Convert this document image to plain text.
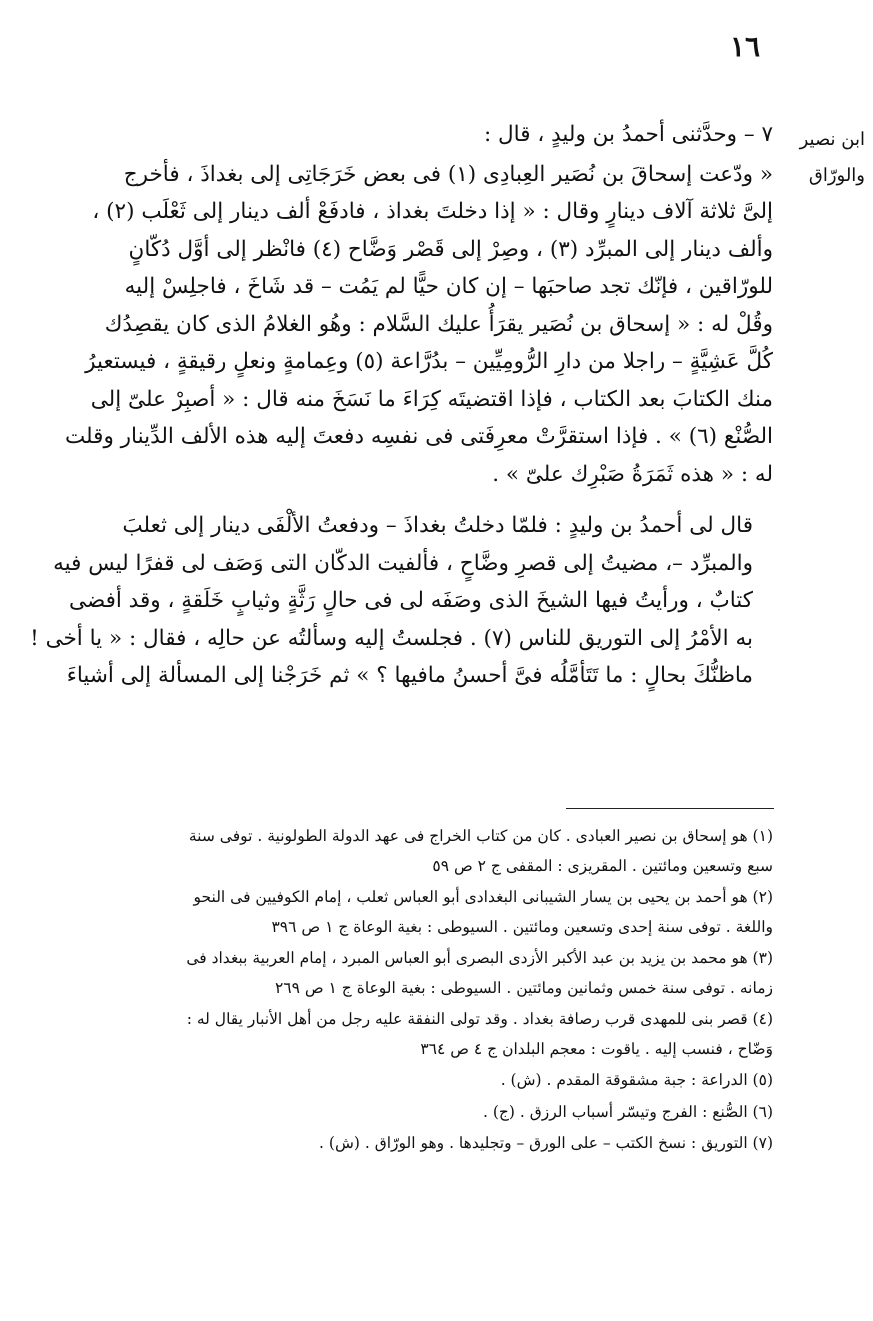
١٦
ابن نصير
والورّاق

٧ – وحدَّثنى أحمدُ بن وليدٍ ، قال :

« ودّعت إسحاقَ بن نُصَير العِبادِى (١) فى بعض خَرَجَاتِى إلى بغداذَ ، فأخرج
إلىَّ ثلاثة آلاف دينارٍ وقال : « إذا دخلتَ بغداذ ، فادفَعْ ألف دينار إلى ثَعْلَب (٢) ،
وألف دينار إلى المبرِّد (٣) ، وصِرْ إلى قَصْر وَضَّاح (٤) فانْظر إلى أوَّل دُكّانٍ
للورّاقين ، فإنّك تجد صاحبَها – إن كان حيًّا لم يَمُت – قد شَاخَ ، فاجلِسْ إليه
وقُلْ له : « إسحاق بن نُصَير يقرَأُ عليك السَّلام : وهُو الغلامُ الذى كان يقصِدُك
كُلَّ عَشِيَّةٍ – راجلا من دارِ الرُّومِيِّين – بدُرَّاعة (٥) وعِمامةٍ ونعلٍ رقيقةٍ ، فيستعيرُ
منك الكتابَ بعد الكتاب ، فإذا اقتضيتَه كِرَاءَ ما نَسَخَ منه قال : « أصبِرْ علىّ إلى
الصُّنْع (٦) » . فإذا استقرَّتْ معرِفَتى فى نفسِه دفعتَ إليه هذه الألف الدِّينار وقلت
له : « هذه ثَمَرَةُ صَبْرِك علىّ » .

قال لى أحمدُ بن وليدٍ : فلمّا دخلتُ بغداذَ – ودفعتُ الألْفَى دينار إلى ثعلبَ
والمبرِّد –، مضيتُ إلى قصرِ وضَّاحٍ ، فألفيت الدكّان التى وَصَف لى قفرًا ليس فيه
كتابٌ ، ورأيتُ فيها الشيخَ الذى وصَفَه لى فى حالٍ رَثَّةٍ وثيابٍ خَلَقةٍ ، وقد أفضى
به الأمْرُ إلى التوريق للناس (٧) . فجلستُ إليه وسألتُه عن حالِه ، فقال : « يا أخى !
ماظنُّكَ بحالٍ : ما تَتَأمَّلُه فىَّ أحسنُ مافيها ؟ » ثم خَرَجْنا إلى المسألة إلى أشياءَ

(١) هو إسحاق بن نصير العبادى . كان من كتاب الخراج فى عهد الدولة الطولونية . توفى سنة
سبع وتسعين ومائتين . المقريزى : المقفى ج ٢ ص ٥٩
(٢) هو أحمد بن يحيى بن يسار الشيبانى البغدادى أبو العباس ثعلب ، إمام الكوفيين فى النحو
واللغة . توفى سنة إحدى وتسعين ومائتين . السيوطى : بغية الوعاة ج ١ ص ٣٩٦
(٣) هو محمد بن يزيد بن عبد الأكبر الأزدى البصرى أبو العباس المبرد ، إمام العربية ببغداد فى
زمانه . توفى سنة خمس وثمانين ومائتين . السيوطى : بغية الوعاة ج ١ ص ٢٦٩
(٤) قصر بنى للمهدى قرب رصافة بغداد . وقد تولى النفقة عليه رجل من أهل الأنبار يقال له :
وَضّاح ، فنسب إليه . ياقوت : معجم البلدان ج ٤ ص ٣٦٤
(٥) الدراعة : جبة مشقوقة المقدم . (ش) .
(٦) الصُّنع : الفرج وتيسّر أسباب الرزق . (ج) .
(٧) التوريق : نسخ الكتب – على الورق – وتجليدها . وهو الورّاق . (ش) .
